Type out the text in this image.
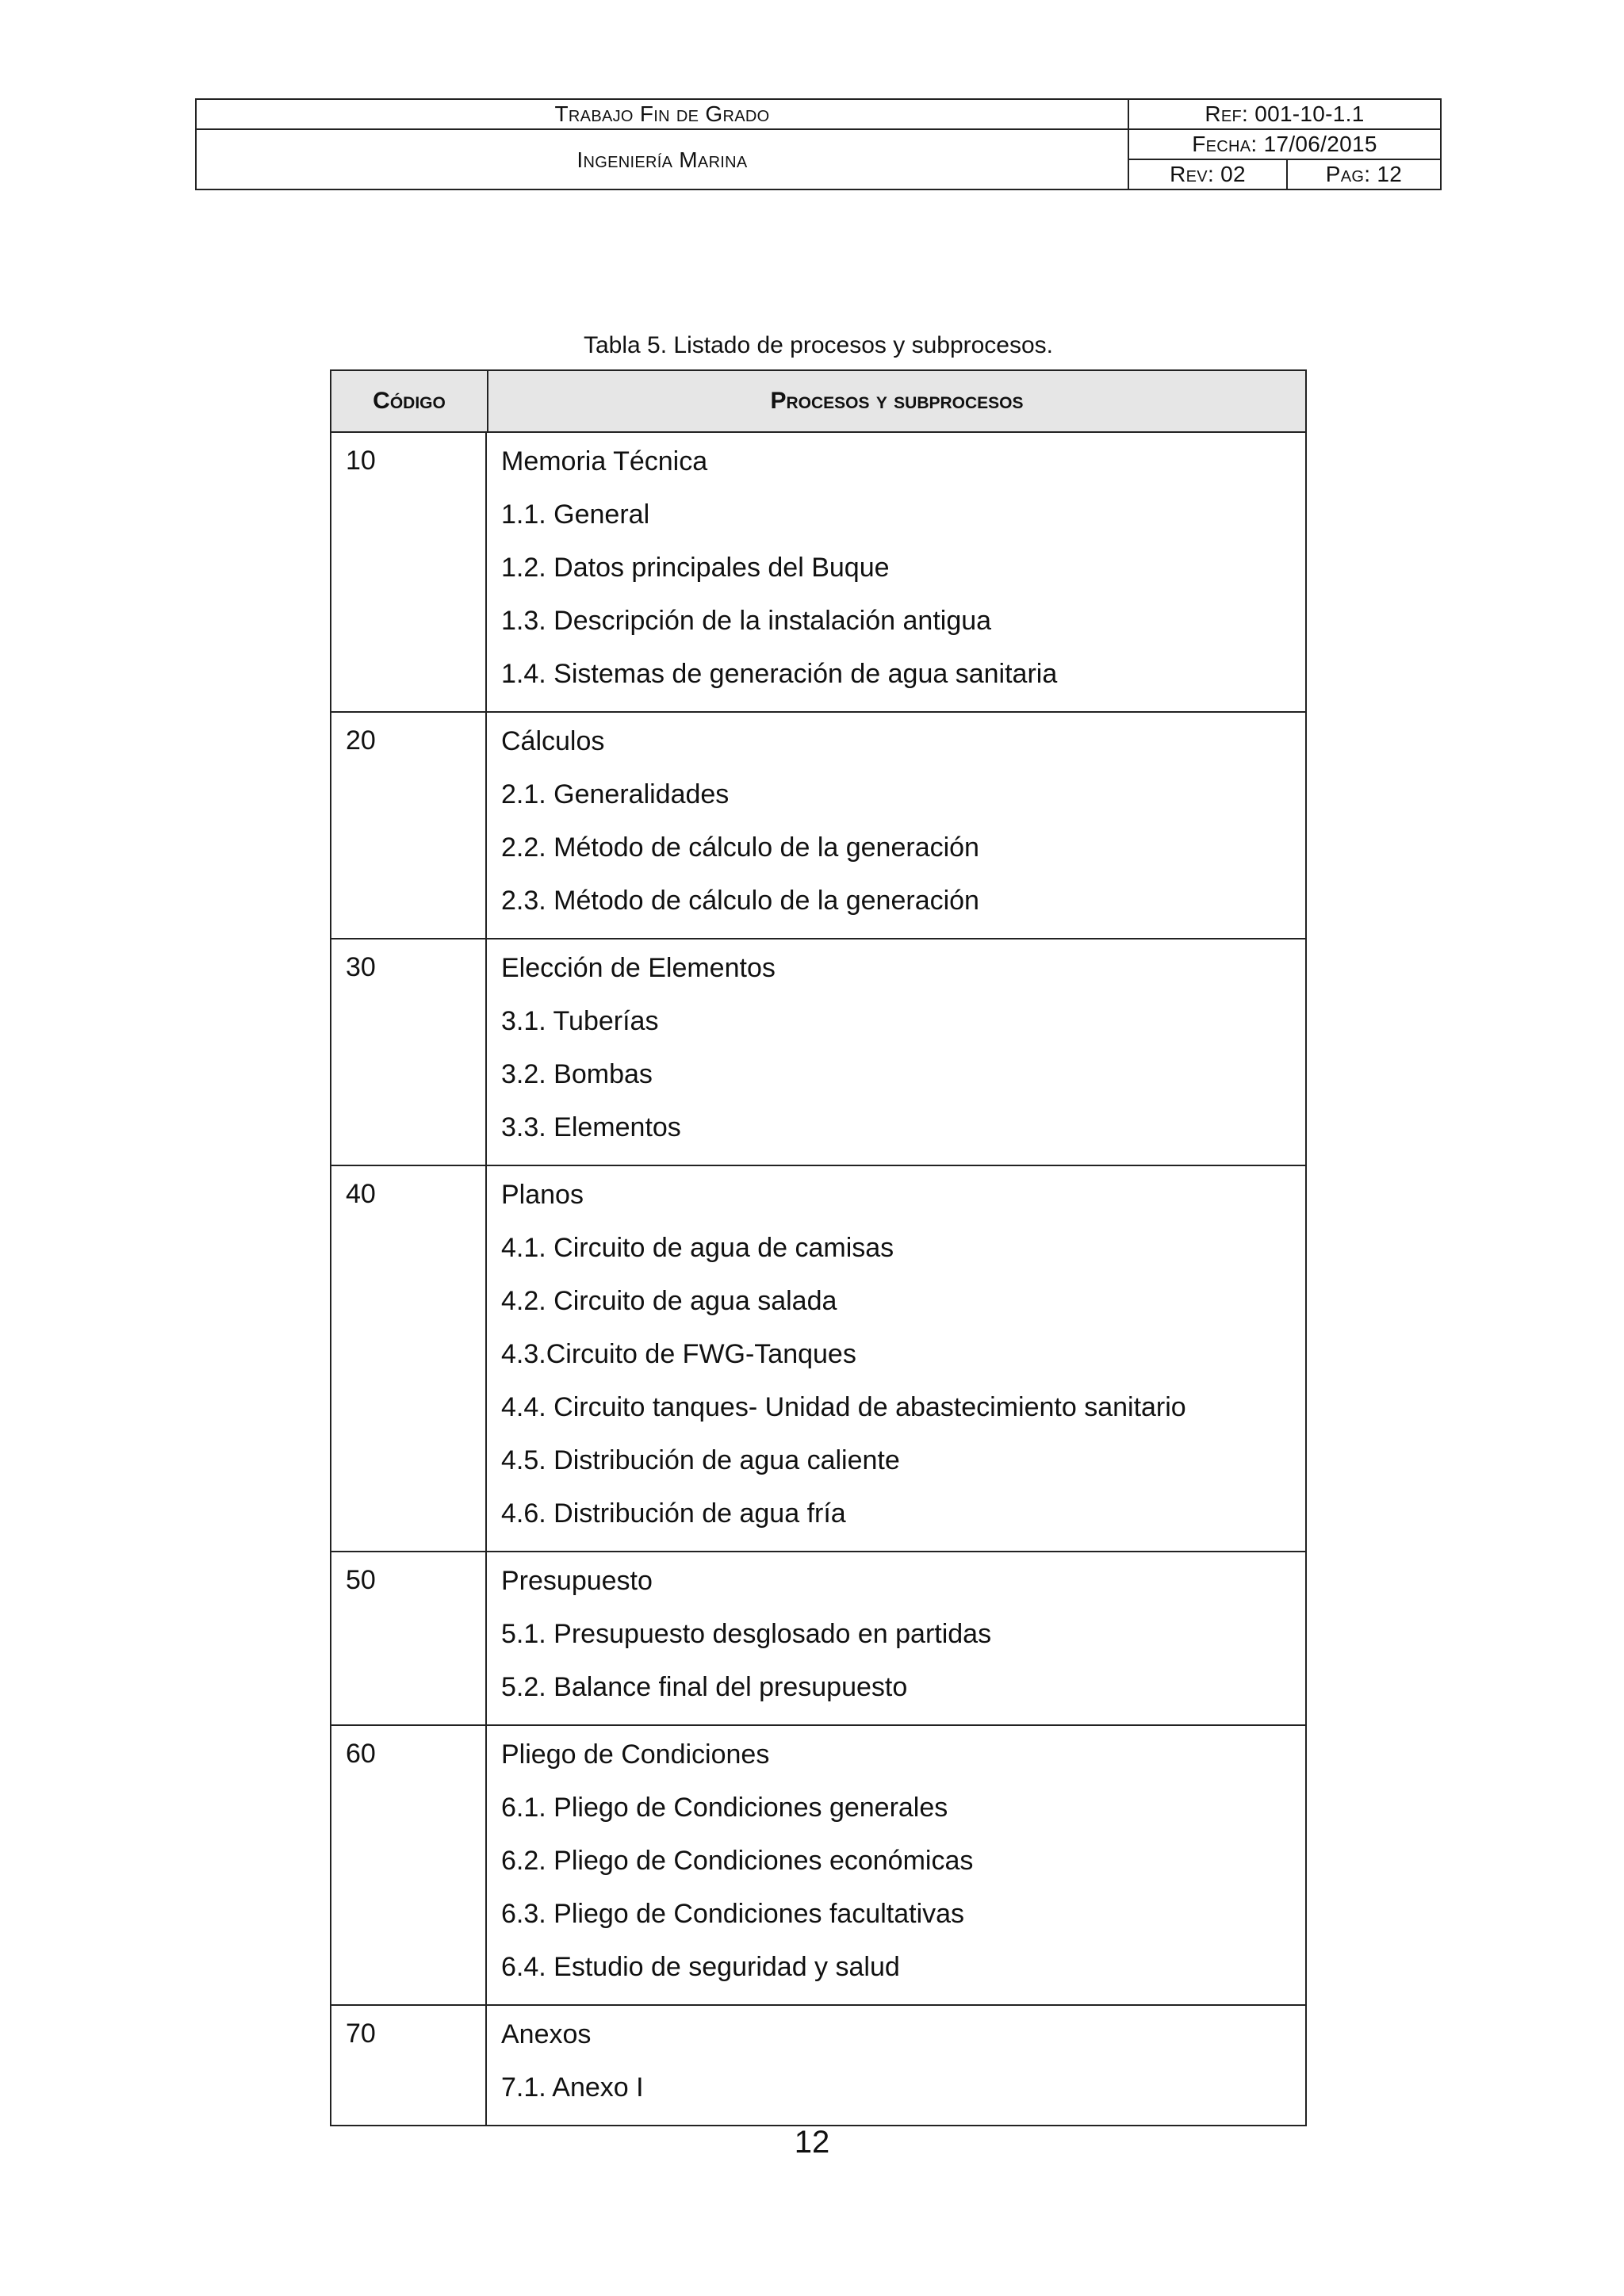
Trabajo Fin de Grado
Ingeniería Marina
Ref: 001-10-1.1
Fecha: 17/06/2015
Rev: 02	Pag: 12
Tabla 5. Listado de procesos y subprocesos.
Código	Procesos y subprocesos
10	Memoria Técnica
1.1. General
1.2. Datos principales del Buque
1.3. Descripción de la instalación antigua
1.4. Sistemas de generación de agua sanitaria
20	Cálculos
2.1. Generalidades
2.2. Método de cálculo de la generación
2.3. Método de cálculo de la generación
30	Elección de Elementos
3.1. Tuberías
3.2. Bombas
3.3. Elementos
40	Planos
4.1. Circuito de agua de camisas
4.2. Circuito de agua salada
4.3.Circuito de FWG-Tanques
4.4. Circuito tanques- Unidad de abastecimiento sanitario
4.5. Distribución de agua caliente
4.6. Distribución de agua fría
50	Presupuesto
5.1. Presupuesto desglosado en partidas
5.2. Balance final del presupuesto
60	Pliego de Condiciones
6.1. Pliego de Condiciones generales
6.2. Pliego de Condiciones económicas
6.3. Pliego de Condiciones facultativas
6.4. Estudio de seguridad y salud
70	Anexos
7.1. Anexo I
12
